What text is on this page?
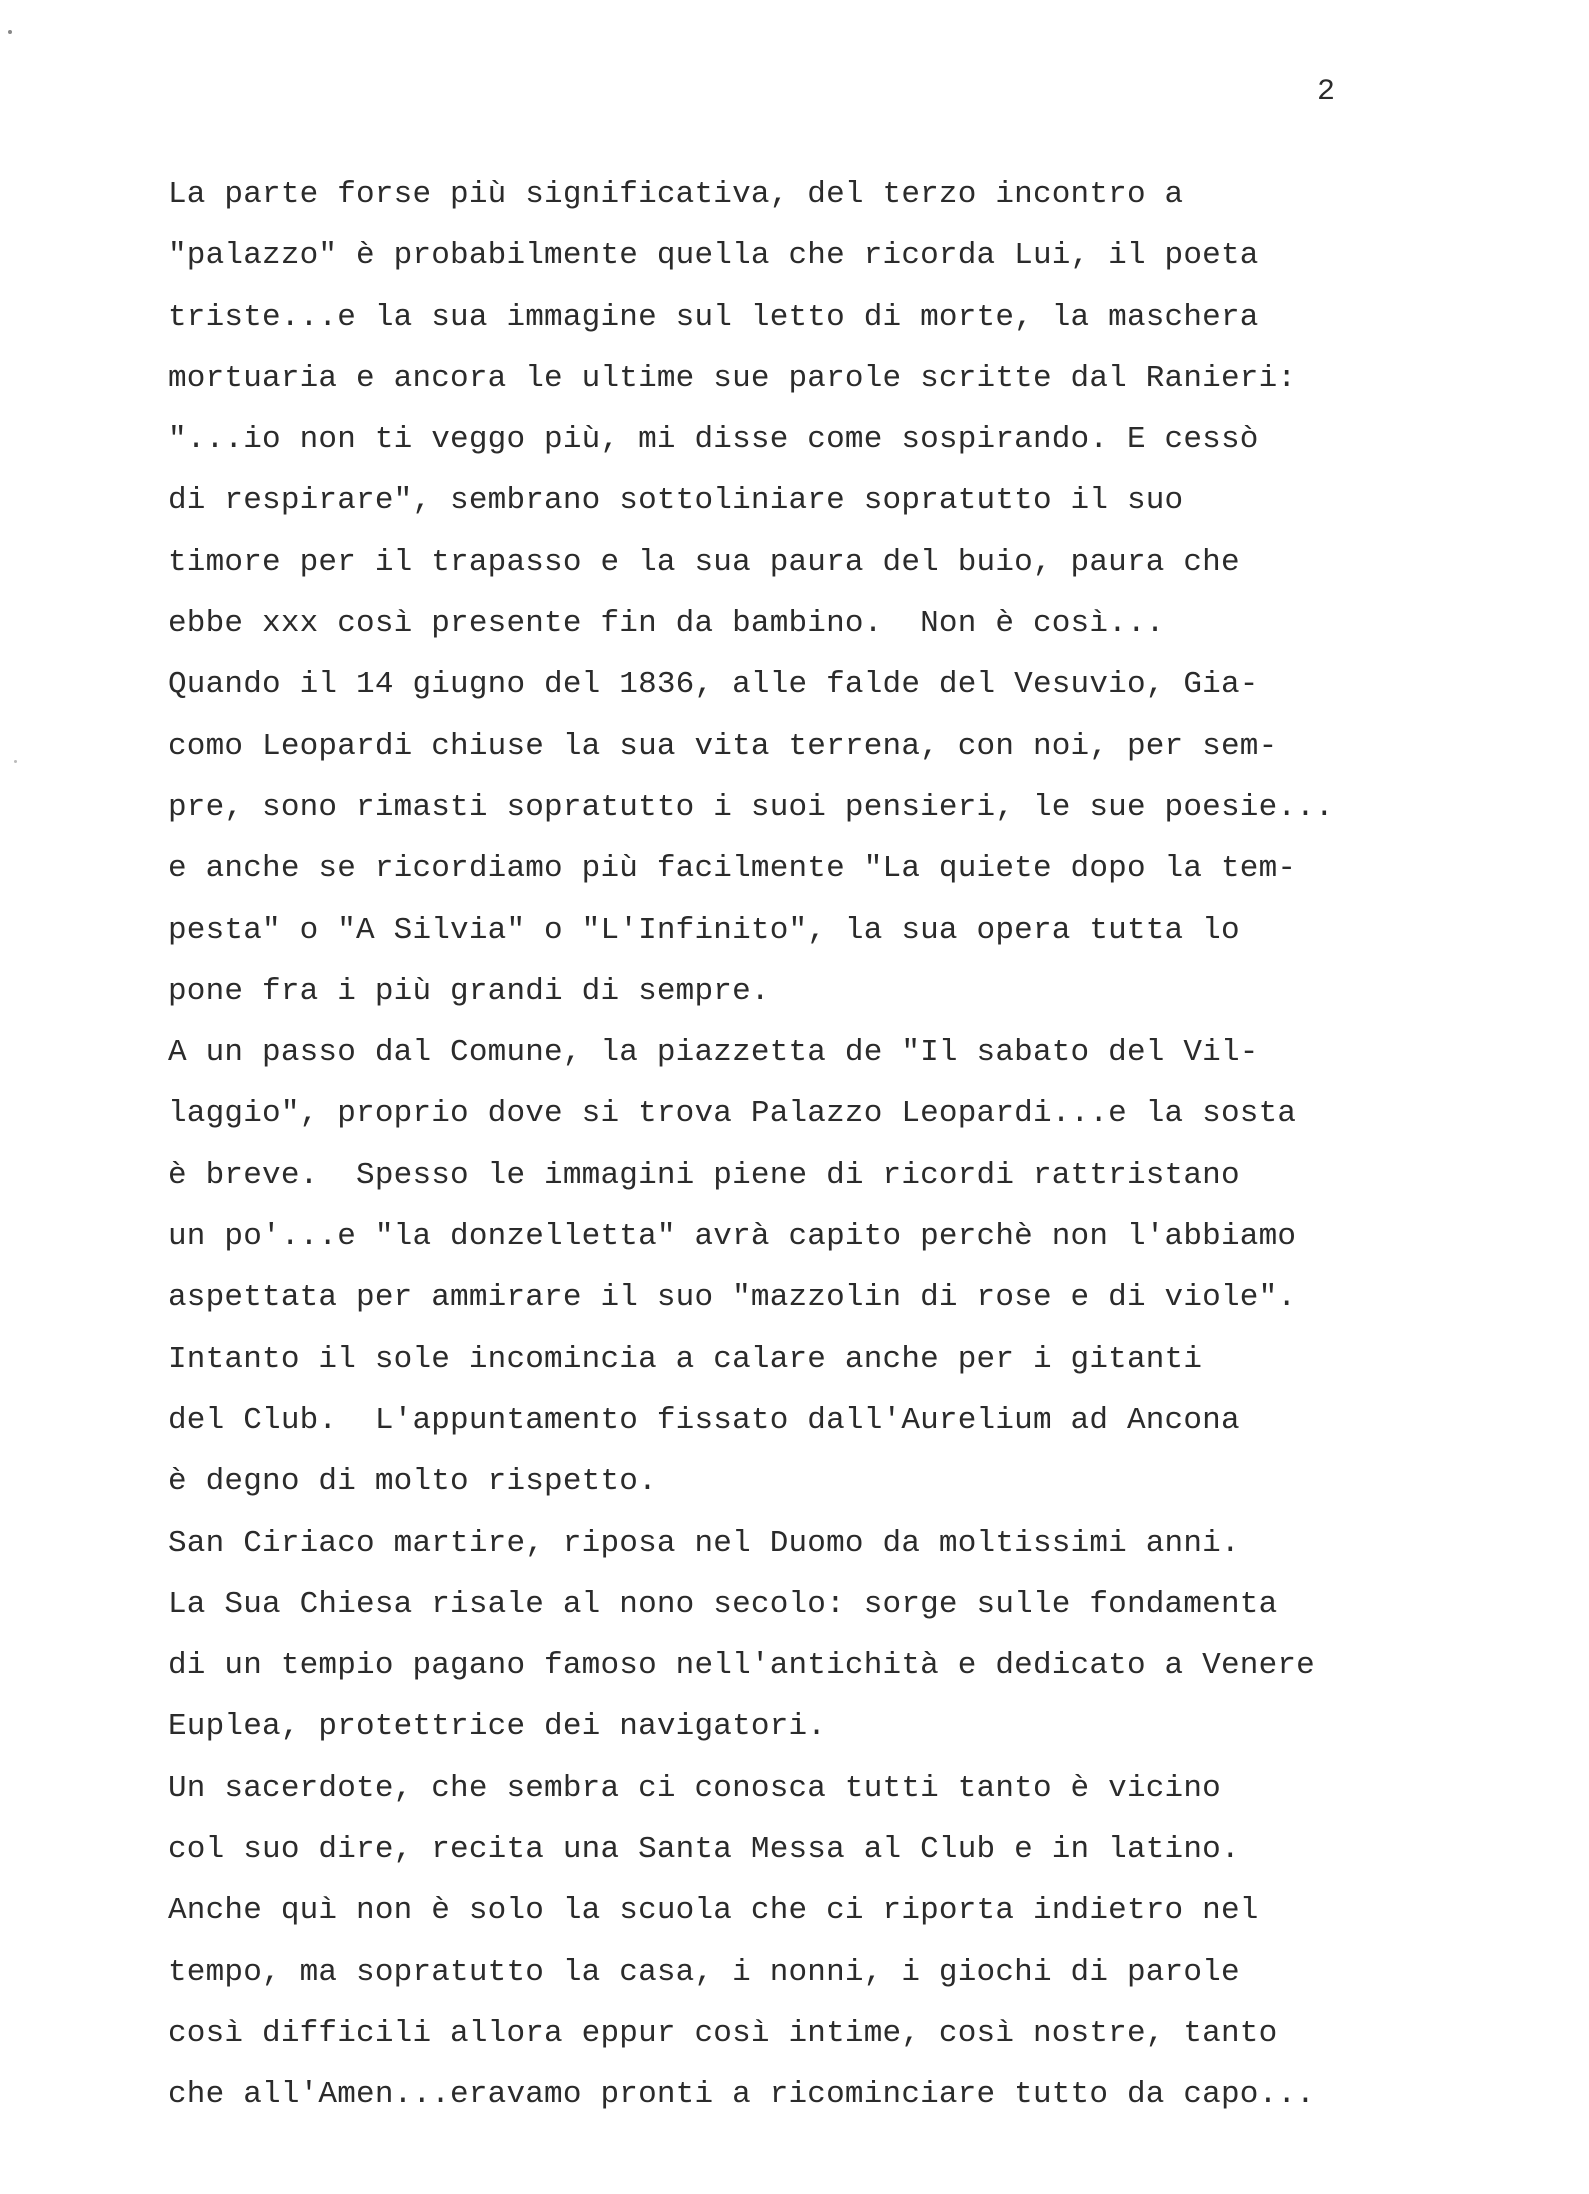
2
La parte forse più significativa, del terzo incontro a
"palazzo" è probabilmente quella che ricorda Lui, il poeta
triste...e la sua immagine sul letto di morte, la maschera
mortuaria e ancora le ultime sue parole scritte dal Ranieri:
"...io non ti veggo più, mi disse come sospirando. E cessò
di respirare", sembrano sottoliniare sopratutto il suo
timore per il trapasso e la sua paura del buio, paura che
ebbe xxx così presente fin da bambino.  Non è così...
Quando il 14 giugno del 1836, alle falde del Vesuvio, Gia-
como Leopardi chiuse la sua vita terrena, con noi, per sem-
pre, sono rimasti sopratutto i suoi pensieri, le sue poesie...
e anche se ricordiamo più facilmente "La quiete dopo la tem-
pesta" o "A Silvia" o "L'Infinito", la sua opera tutta lo
pone fra i più grandi di sempre.
A un passo dal Comune, la piazzetta de "Il sabato del Vil-
laggio", proprio dove si trova Palazzo Leopardi...e la sosta
è breve.  Spesso le immagini piene di ricordi rattristano
un po'...e "la donzelletta" avrà capito perchè non l'abbiamo
aspettata per ammirare il suo "mazzolin di rose e di viole".
Intanto il sole incomincia a calare anche per i gitanti
del Club.  L'appuntamento fissato dall'Aurelium ad Ancona
è degno di molto rispetto.
San Ciriaco martire, riposa nel Duomo da moltissimi anni.
La Sua Chiesa risale al nono secolo: sorge sulle fondamenta
di un tempio pagano famoso nell'antichità e dedicato a Venere
Euplea, protettrice dei navigatori.
Un sacerdote, che sembra ci conosca tutti tanto è vicino
col suo dire, recita una Santa Messa al Club e in latino.
Anche quì non è solo la scuola che ci riporta indietro nel
tempo, ma sopratutto la casa, i nonni, i giochi di parole
così difficili allora eppur così intime, così nostre, tanto
che all'Amen...eravamo pronti a ricominciare tutto da capo...
